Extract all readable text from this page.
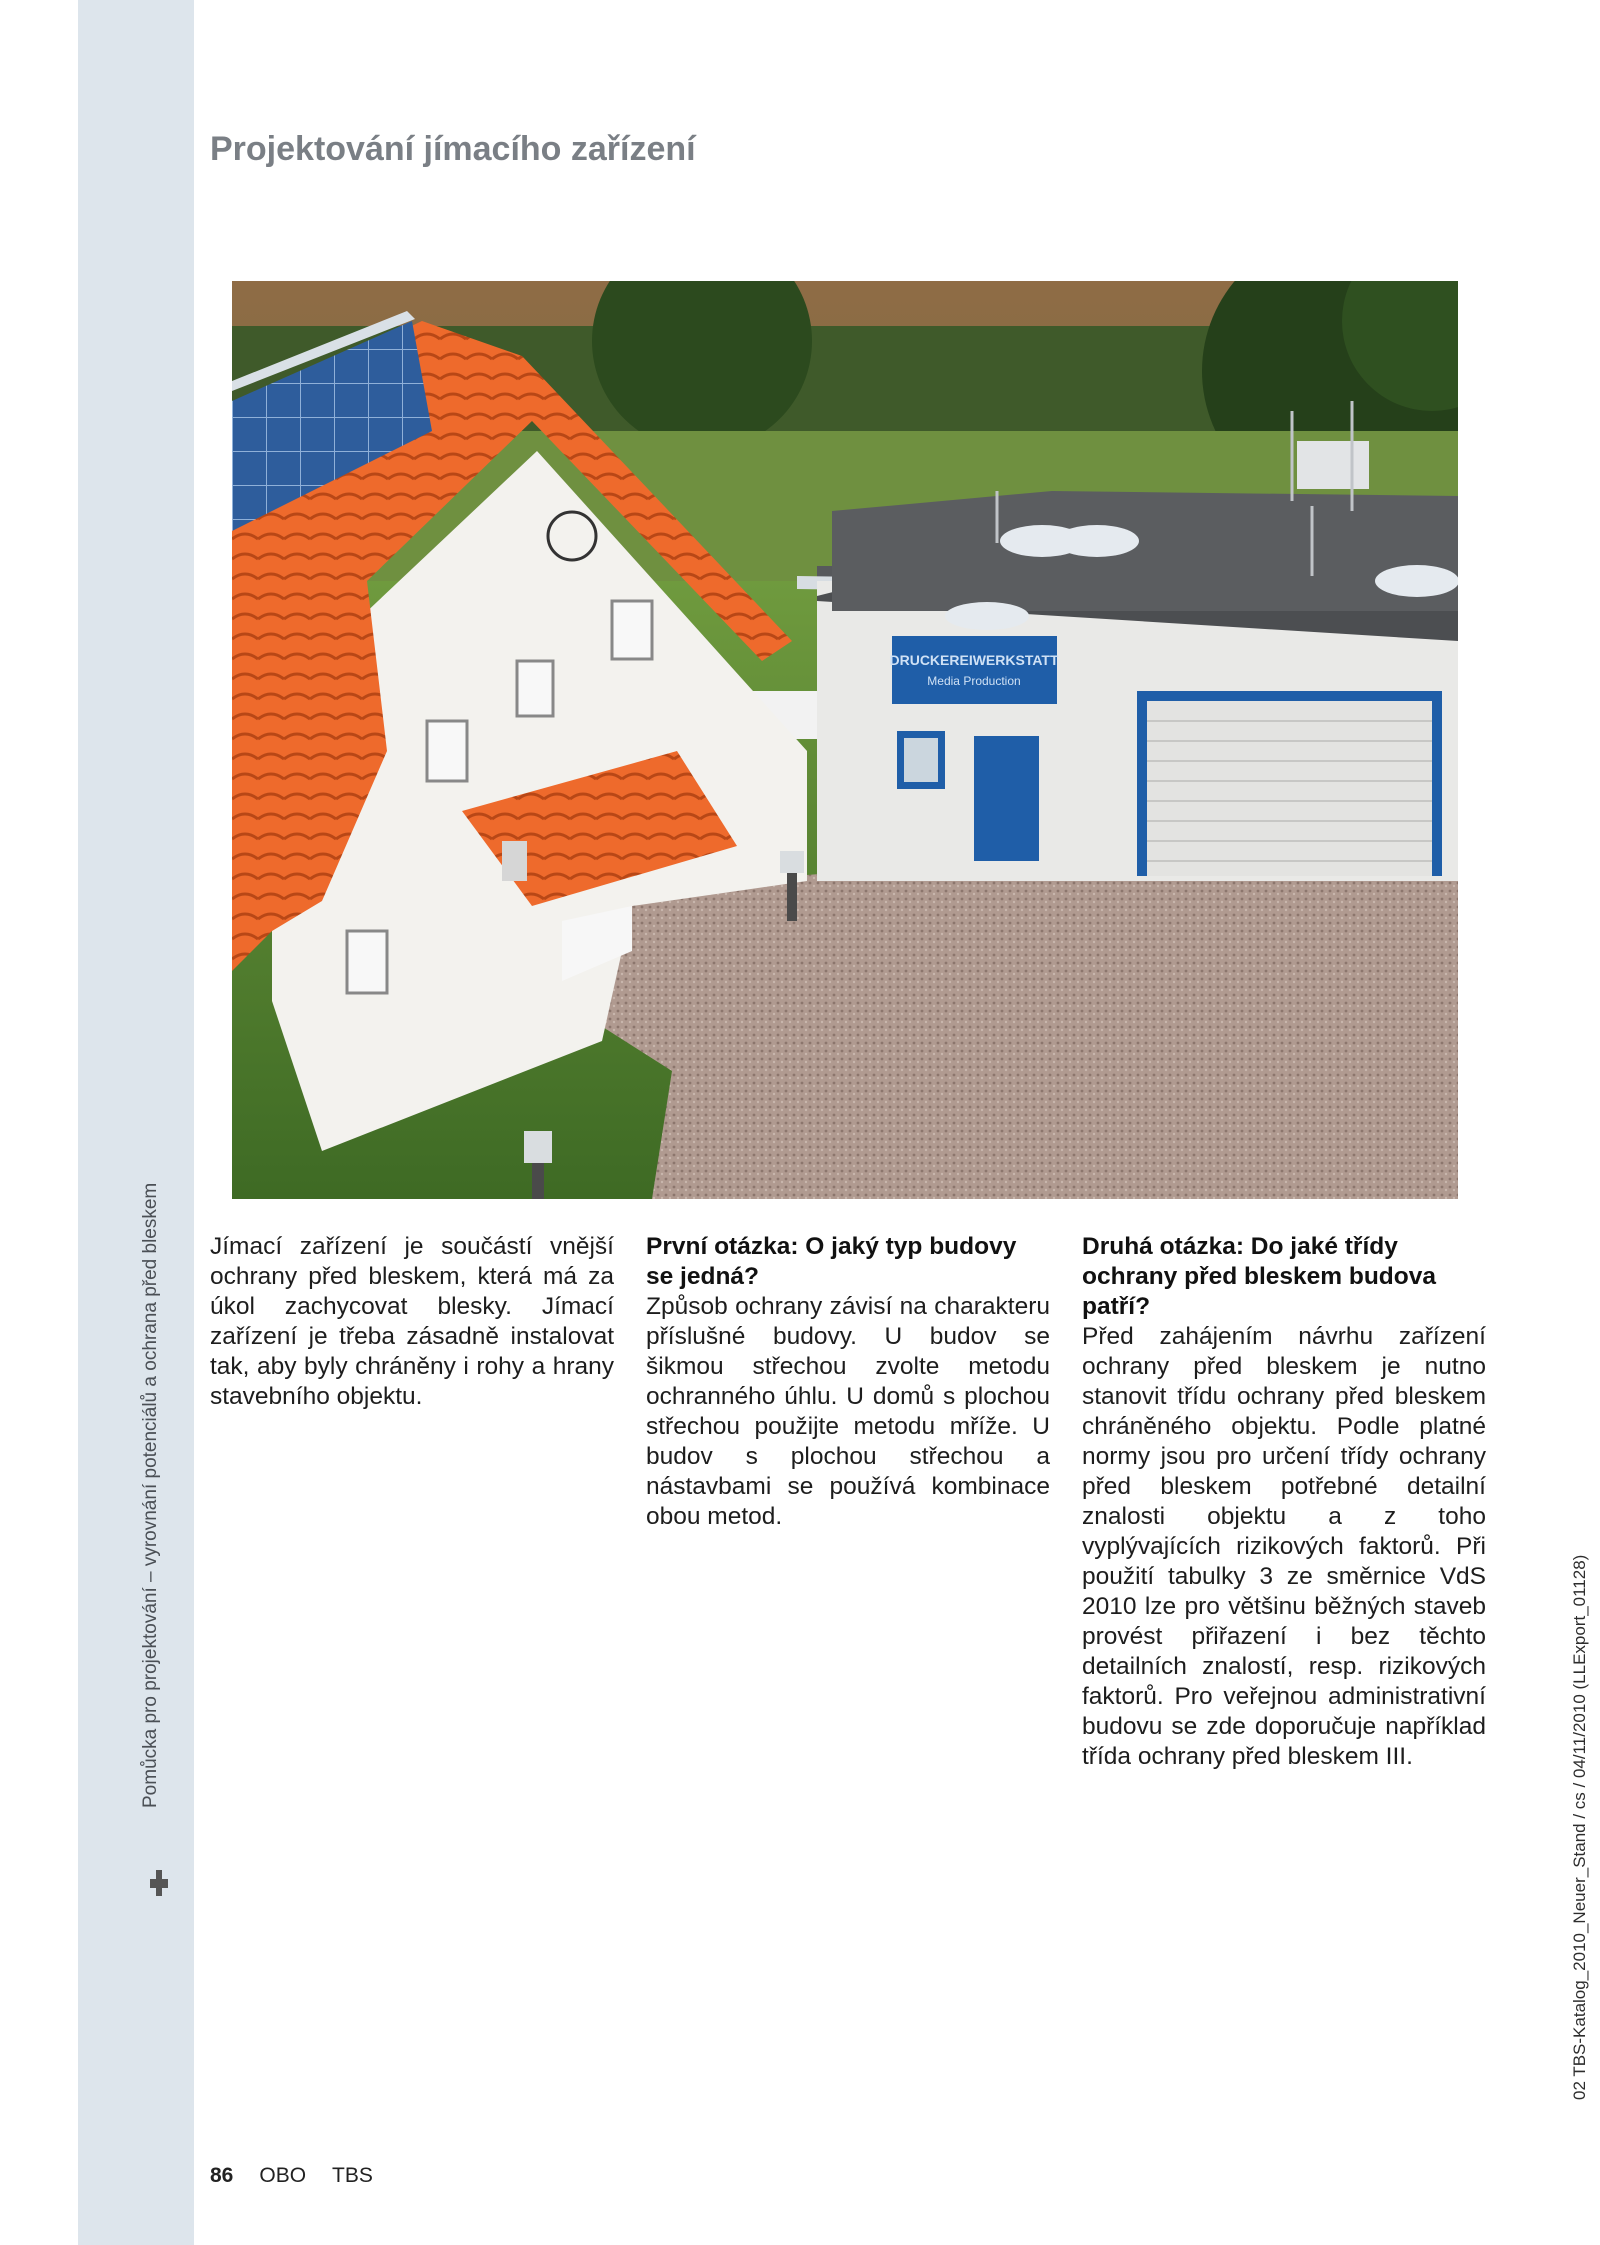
Pomůcka pro projektování – vyrovnání potenciálů a ochrana před bleskem
Projektování jímacího zařízení
DRUCKEREIWERKSTATT
Media Production

Jímací zařízení je součástí vnější ochrany před bleskem, která má za úkol zachycovat blesky. Jímací zařízení je třeba zásadně instalovat tak, aby byly chráněny i rohy a hrany stavebního objektu.

První otázka: O jaký typ budovy se jedná?

Způsob ochrany závisí na charakteru příslušné budovy. U budov se šikmou střechou zvolte metodu ochranného úhlu. U domů s plochou střechou použijte metodu mříže. U budov s plochou střechou a nástavbami se používá kombinace obou metod.

Druhá otázka: Do jaké třídy ochrany před bleskem budova patří?

Před zahájením návrhu zařízení ochrany před bleskem je nutno stanovit třídu ochrany před bleskem chráněného objektu. Podle platné normy jsou pro určení třídy ochrany před bleskem potřebné detailní znalosti objektu a z toho vyplývajících rizikových faktorů. Při použití tabulky 3 ze směrnice VdS 2010 lze pro většinu běžných staveb provést přiřazení i bez těchto detailních znalostí, resp. rizikových faktorů. Pro veřejnou administrativní budovu se zde doporučuje například třída ochrany před bleskem III.	02 TBS-Katalog_2010_Neuer_Stand / cs / 04/11/2010 (LLExport_01128)
86 OBO TBS
